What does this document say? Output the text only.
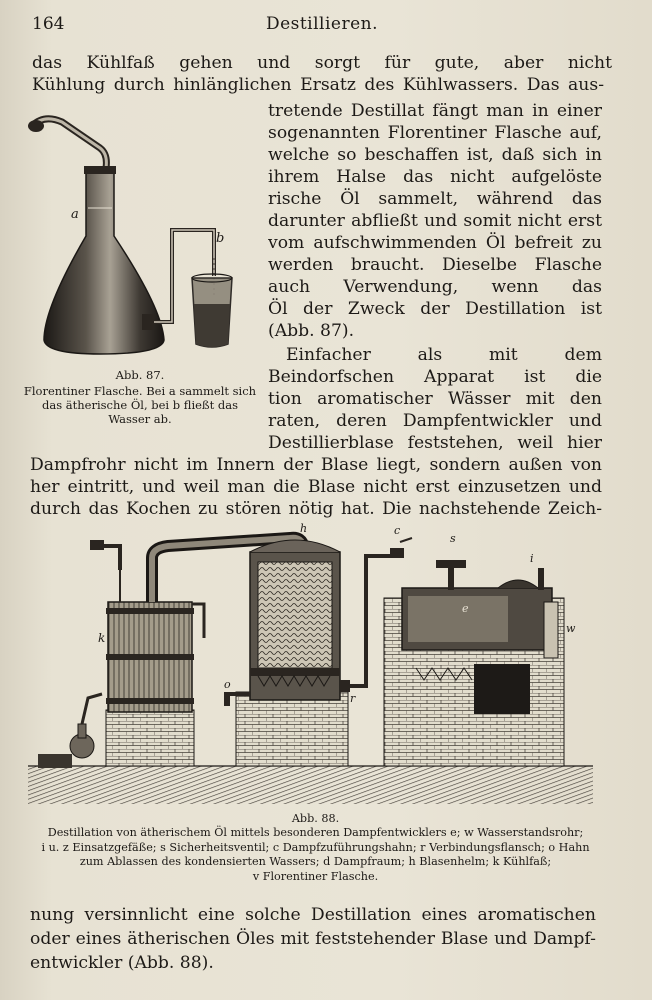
164	Destillieren.
das Kühlfaß gehen und sorgt für gute, aber nicht
Kühlung durch hinlänglichen Ersatz des Kühlwassers. Das aus-
tretende Destillat fängt man in einer
sogenannten Florentiner Flasche auf,
welche so beschaffen ist, daß sich in
ihrem Halse das nicht aufgelöste
rische Öl sammelt, während das
darunter abfließt und somit nicht erst
vom aufschwimmenden Öl befreit zu
werden braucht. Dieselbe Flasche
auch Verwendung, wenn das
Öl der Zweck der Destillation ist
(Abb. 87).
Einfacher als mit dem
Beindorfschen Apparat ist die
tion aromatischer Wässer mit den
raten, deren Dampfentwickler und
Destillierblase feststehen, weil hier
Dampfrohr nicht im Innern der Blase liegt, sondern außen von
her eintritt, und weil man die Blase nicht erst einzusetzen und
durch das Kochen zu stören nötig hat. Die nachstehende Zeich-
a
b
Abb. 87.
Florentiner Flasche. Bei a sammelt sich das ätherische Öl, bei b fließt das Wasser ab.
h	c
s
i
k
e
w
o
r
Abb. 88.
Destillation von ätherischem Öl mittels besonderen Dampfentwicklers e; w Wasserstandsrohr;
i u. z Einsatzgefäße; s Sicherheitsventil; c Dampfzuführungshahn; r Verbindungsflansch; o Hahn
zum Ablassen des kondensierten Wassers; d Dampfraum; h Blasenhelm; k Kühlfaß;
v Florentiner Flasche.
nung versinnlicht eine solche Destillation eines aromatischen
oder eines ätherischen Öles mit feststehender Blase und Dampf-
entwickler (Abb. 88).
